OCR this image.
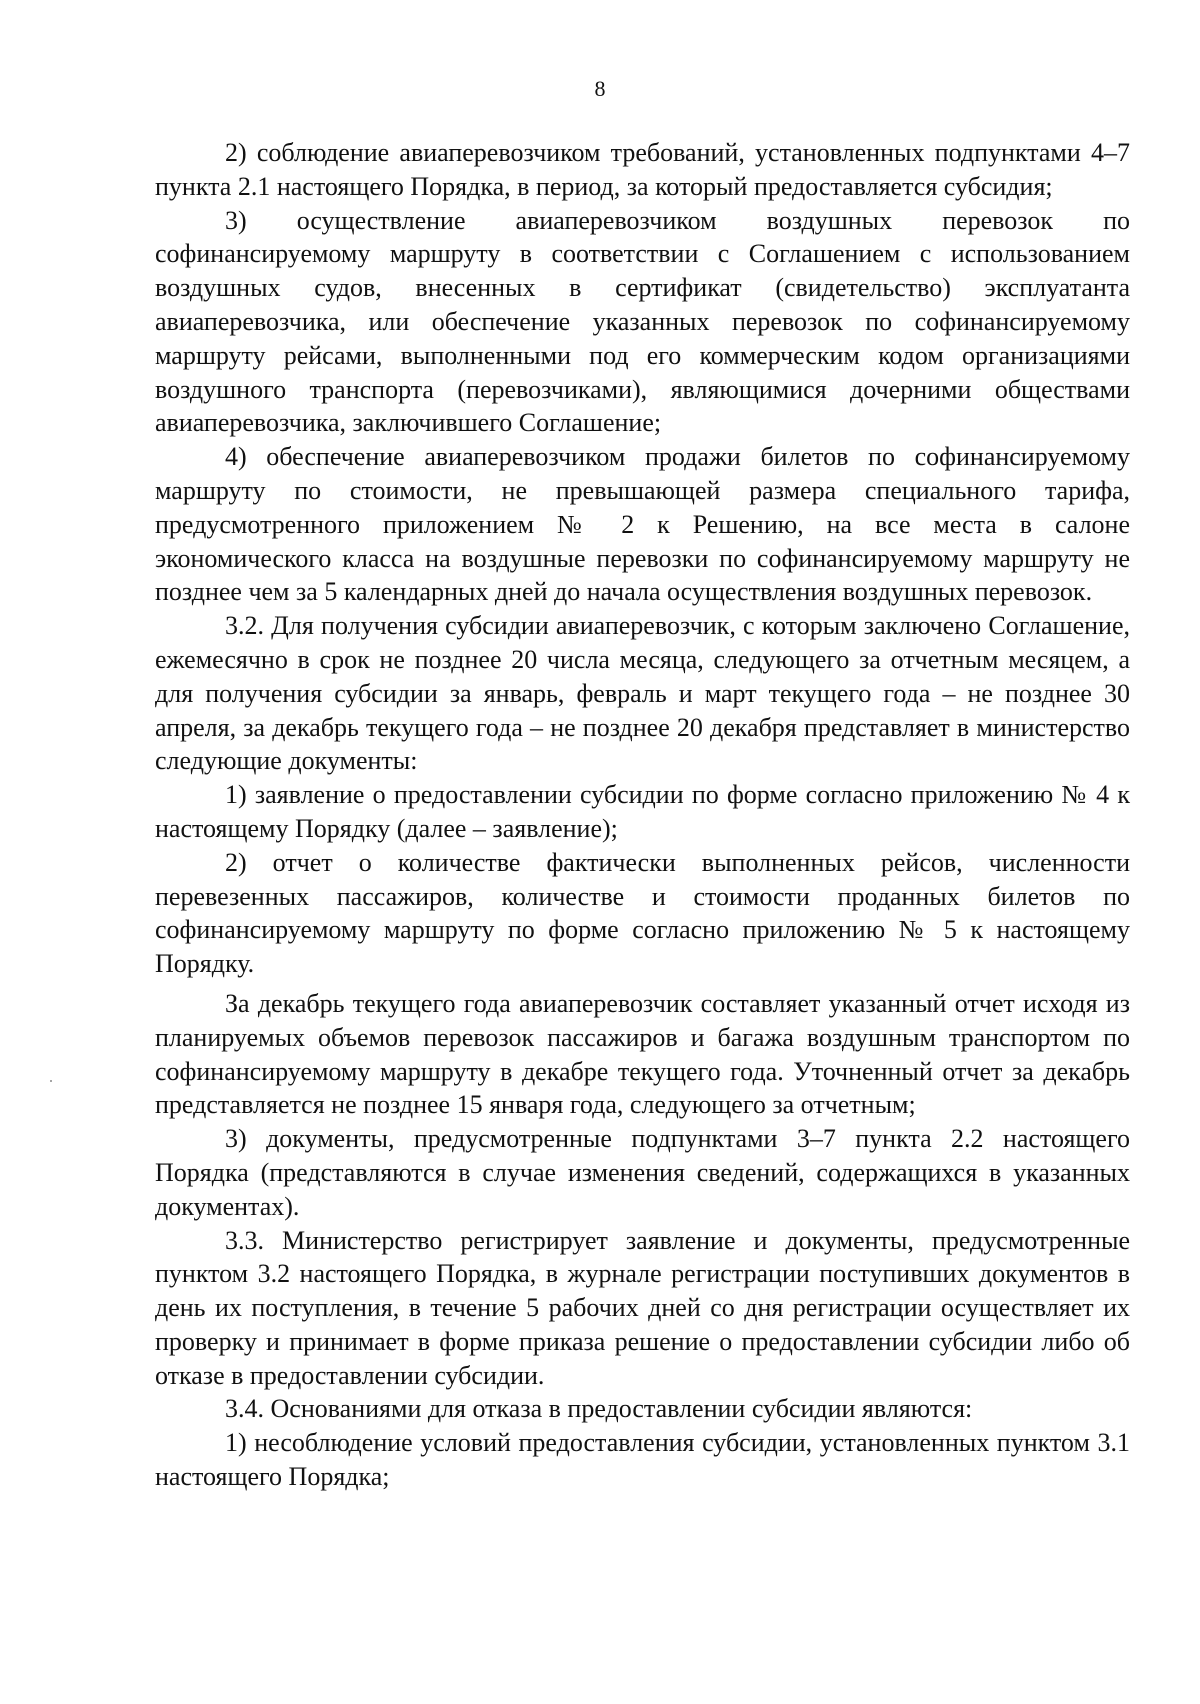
8

2) соблюдение авиаперевозчиком требований, установленных подпунктами 4–7 пункта 2.1 настоящего Порядка, в период, за который предоставляется субсидия;

3) осуществление авиаперевозчиком воздушных перевозок по софинансируемому маршруту в соответствии с Соглашением с использованием воздушных судов, внесенных в сертификат (свидетельство) эксплуатанта авиаперевозчика, или обеспечение указанных перевозок по софинансируемому маршруту рейсами, выполненными под его коммерческим кодом организациями воздушного транспорта (перевозчиками), являющимися дочерними обществами авиаперевозчика, заключившего Соглашение;

4) обеспечение авиаперевозчиком продажи билетов по софинансируемому маршруту по стоимости, не превышающей размера специального тарифа, предусмотренного приложением № 2 к Решению, на все места в салоне экономического класса на воздушные перевозки по софинансируемому маршруту не позднее чем за 5 календарных дней до начала осуществления воздушных перевозок.

3.2. Для получения субсидии авиаперевозчик, с которым заключено Соглашение, ежемесячно в срок не позднее 20 числа месяца, следующего за отчетным месяцем, а для получения субсидии за январь, февраль и март текущего года – не позднее 30 апреля, за декабрь текущего года – не позднее 20 декабря представляет в министерство следующие документы:

1) заявление о предоставлении субсидии по форме согласно приложению № 4 к настоящему Порядку (далее – заявление);

2) отчет о количестве фактически выполненных рейсов, численности перевезенных пассажиров, количестве и стоимости проданных билетов по софинансируемому маршруту по форме согласно приложению № 5 к настоящему Порядку.

За декабрь текущего года авиаперевозчик составляет указанный отчет исходя из планируемых объемов перевозок пассажиров и багажа воздушным транспортом по софинансируемому маршруту в декабре текущего года. Уточненный отчет за декабрь представляется не позднее 15 января года, следующего за отчетным;

3) документы, предусмотренные подпунктами 3–7 пункта 2.2 настоящего Порядка (представляются в случае изменения сведений, содержащихся в указанных документах).

3.3. Министерство регистрирует заявление и документы, предусмотренные пунктом 3.2 настоящего Порядка, в журнале регистрации поступивших документов в день их поступления, в течение 5 рабочих дней со дня регистрации осуществляет их проверку и принимает в форме приказа решение о предоставлении субсидии либо об отказе в предоставлении субсидии.

3.4. Основаниями для отказа в предоставлении субсидии являются:

1) несоблюдение условий предоставления субсидии, установленных пунктом 3.1 настоящего Порядка;
